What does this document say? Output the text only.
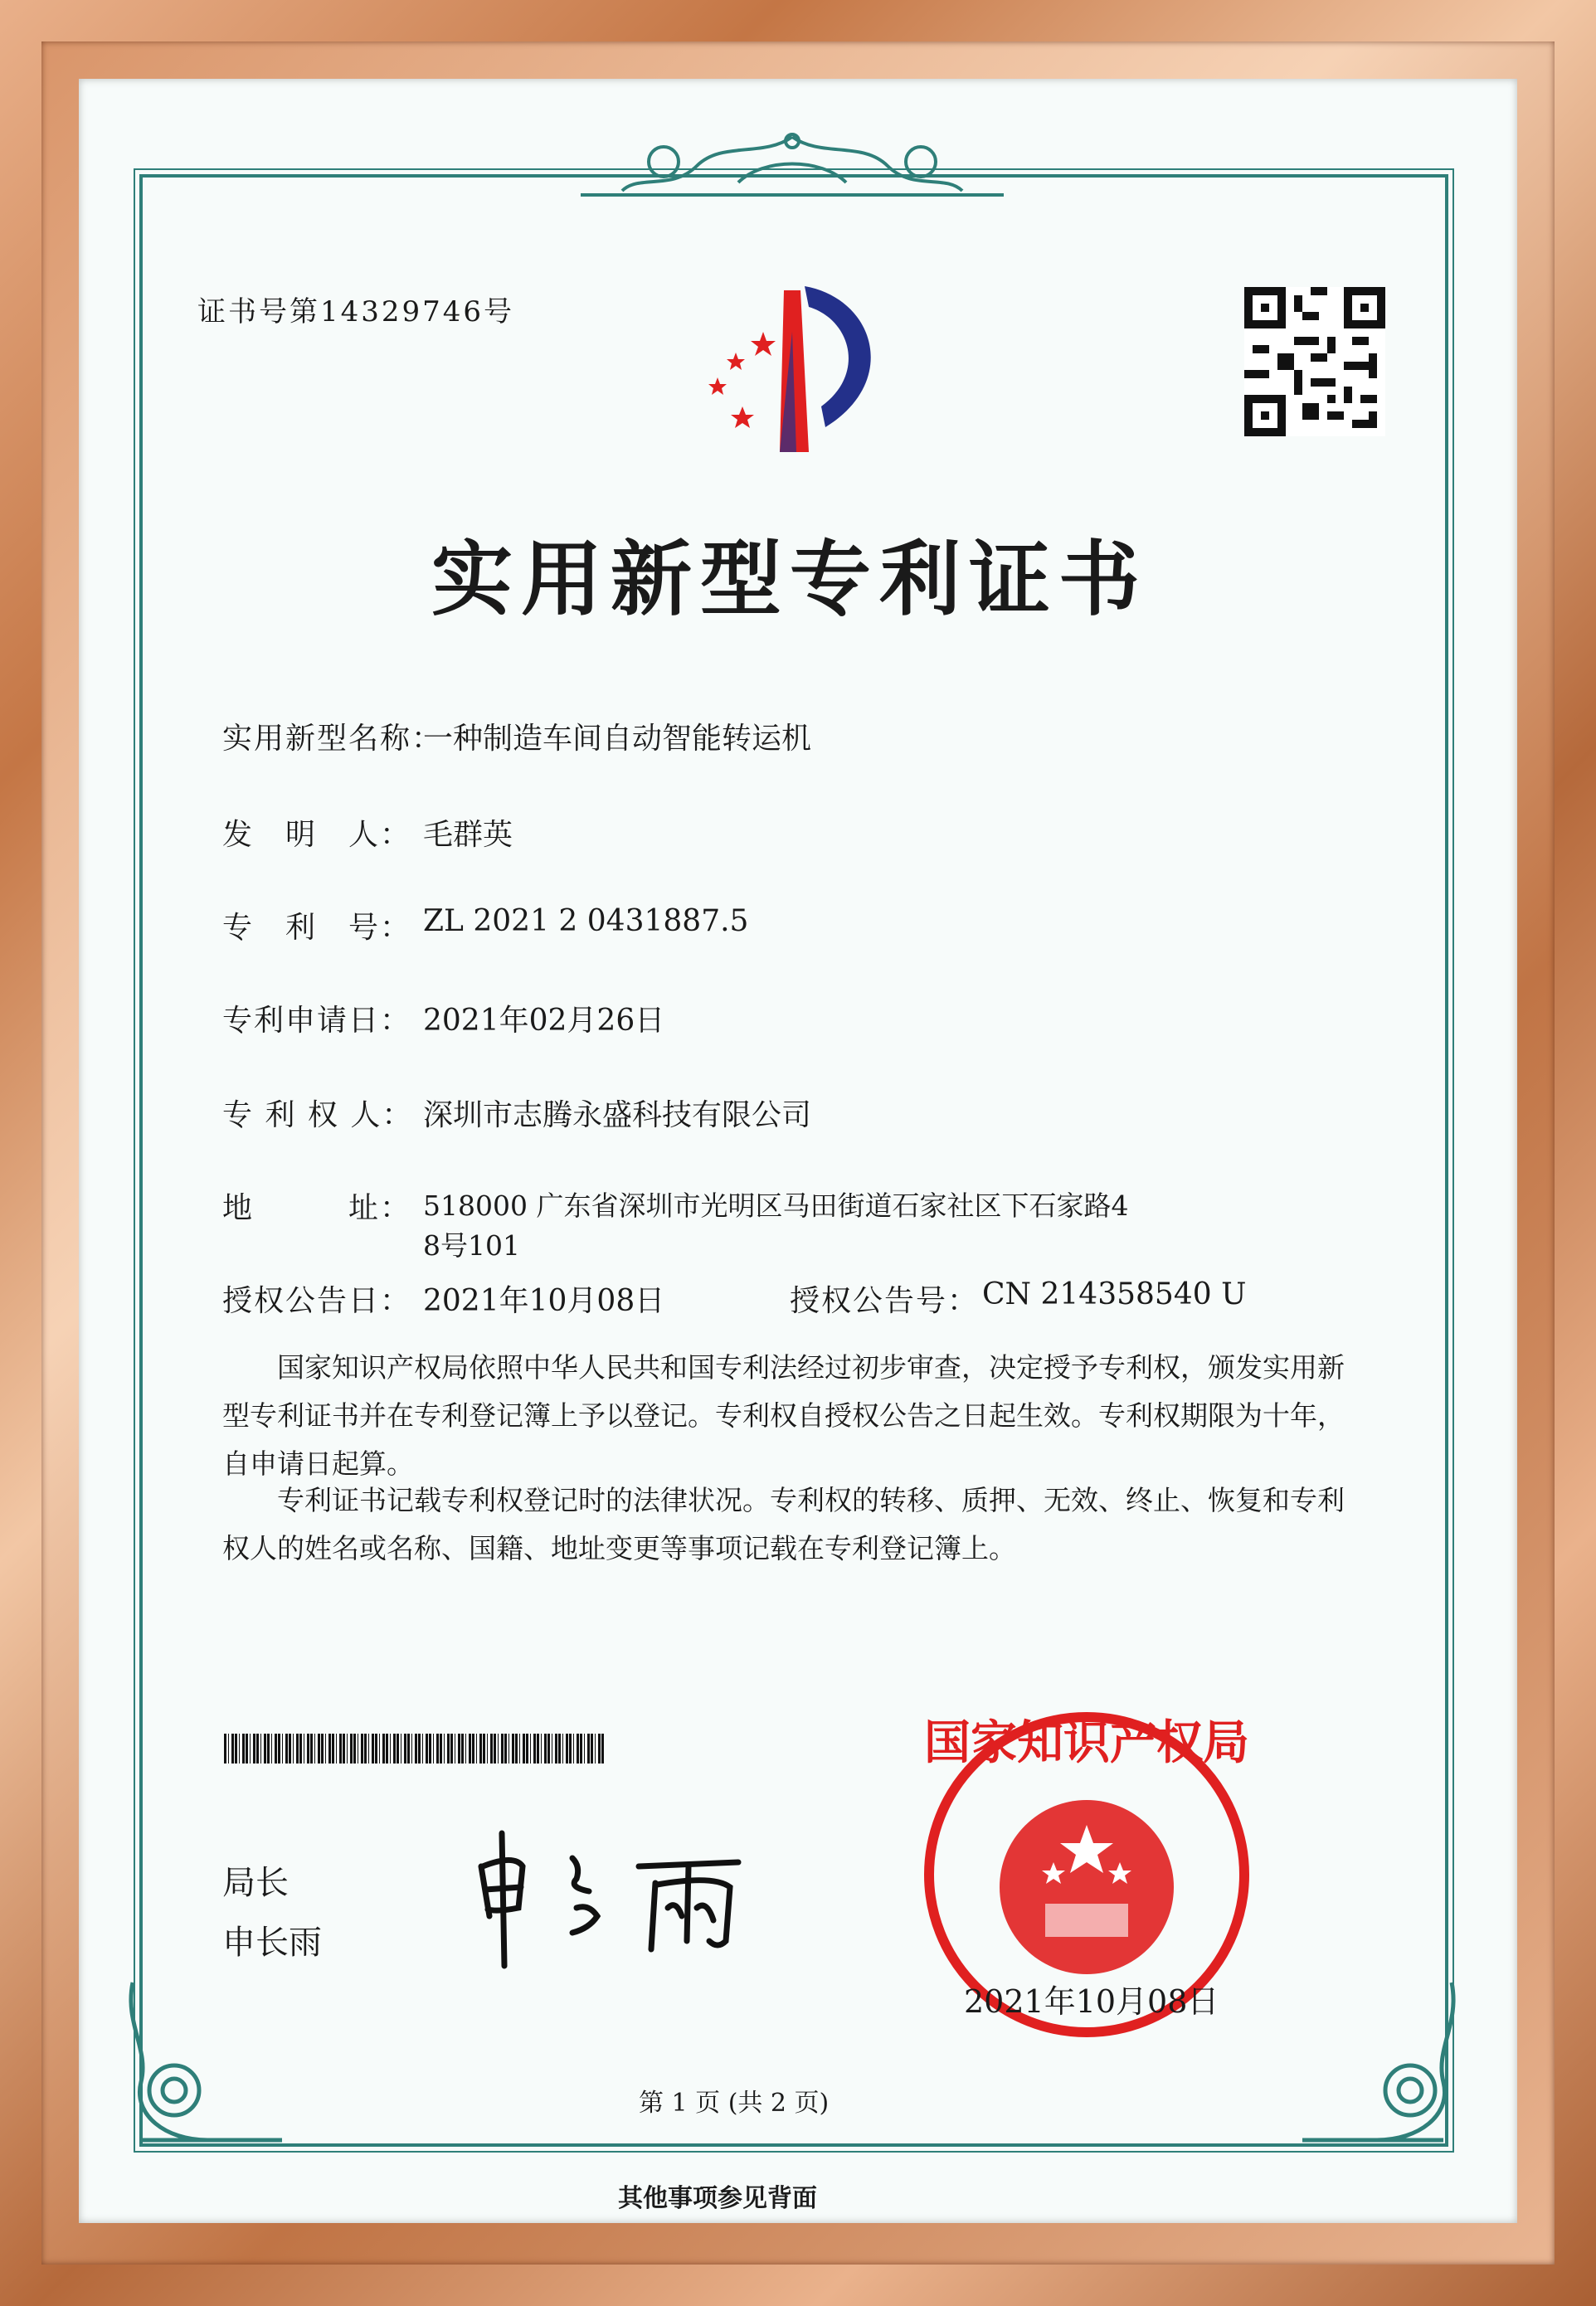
证书号第14329746号
实用新型专利证书
实用新型名称：
一种制造车间自动智能转运机
发　明　人： 毛群英
专　利　号： ZL 2021 2 0431887.5
专利申请日： 2021年02月26日
专 利 权 人： 深圳市志腾永盛科技有限公司
地　　　址： 518000 广东省深圳市光明区马田街道石家社区下石家路4
8号101
授权公告日： 2021年10月08日	授权公告号： CN 214358540 U
国家知识产权局依照中华人民共和国专利法经过初步审查，决定授予专利权，颁发实用新型专利证书并在专利登记簿上予以登记。专利权自授权公告之日起生效。专利权期限为十年，自申请日起算。
专利证书记载专利权登记时的法律状况。专利权的转移、质押、无效、终止、恢复和专利权人的姓名或名称、国籍、地址变更等事项记载在专利登记簿上。
局长
申长雨
国家知识产权局
2021年10月08日
第 1 页 (共 2 页)
其他事项参见背面
